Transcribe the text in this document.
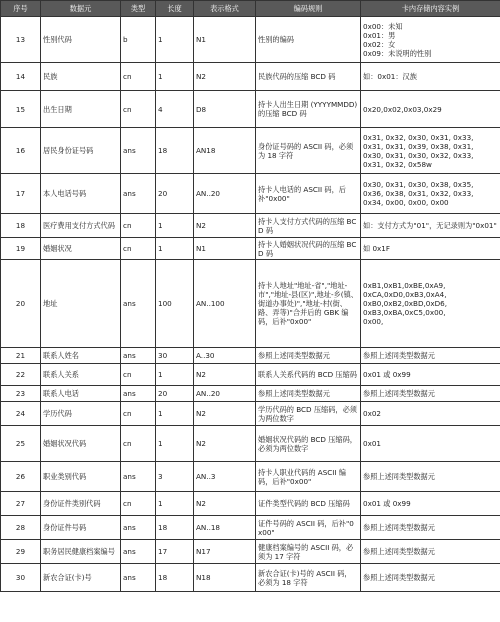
序号	数据元	类型	长度	表示格式	编码规则	卡内存储内容实例
13	性别代码	b	1	N1	性别的编码	0x00：未知
0x01：男
0x02：女
0x09：未说明的性别
14	民族	cn	1	N2	民族代码的压缩 BCD 码	如：0x01：汉族
15	出生日期	cn	4	D8	持卡人出生日期 (YYYYMMDD)的压缩 BCD 码	0x20,0x02,0x03,0x29
16	居民身份证号码	ans	18	AN18	身份证号码的 ASCII 码，必须为 18 字符	0x31, 0x32, 0x30, 0x31, 0x33,
0x31, 0x31, 0x39, 0x38, 0x31,
0x30, 0x31, 0x30, 0x32, 0x33,
0x31, 0x32, 0x58w
17	本人电话号码	ans	20	AN..20	持卡人电话的 ASCII 码，后补"0x00"	0x30, 0x31, 0x30, 0x38, 0x35,
0x36, 0x38, 0x31, 0x32, 0x33,
0x34, 0x00, 0x00, 0x00
18	医疗费用支付方式代码	cn	1	N2	持卡人支付方式代码的压缩 BCD 码	如：支付方式为"01"，无记录则为"0x01"
19	婚姻状况	cn	1	N1	持卡人婚姻状况代码的压缩 BCD 码	如 0x1F
20	地址	ans	100	AN..100	持卡人地址"地址-省","地址-市","地址-县(区)",地址-乡(镇、街道办事处)","地址-村(街、路、弄等)"合并后的 GBK 编码，后补"0x00"	0xB1,0xB1,0xBE,0xA9,
0xCA,0xD0,0xB3,0xA4,
0xB0,0xB2,0xBD,0xD6,
0xB3,0xBA,0xC5,0x00,
0x00,
21	联系人姓名	ans	30	A..30	参照上述同类型数据元	参照上述同类型数据元
22	联系人关系	cn	1	N2	联系人关系代码的 BCD 压缩码	0x01 或 0x99
23	联系人电话	ans	20	AN..20	参照上述同类型数据元	参照上述同类型数据元
24	学历代码	cn	1	N2	学历代码的 BCD 压缩码，必须为两位数字	0x02
25	婚姻状况代码	cn	1	N2	婚姻状况代码的 BCD 压缩码，必须为两位数字	0x01
26	职业类别代码	ans	3	AN..3	持卡人职业代码的 ASCII 编码，后补"0x00"	参照上述同类型数据元
27	身份证件类别代码	cn	1	N2	证件类型代码的 BCD 压缩码	0x01 或 0x99
28	身份证件号码	ans	18	AN..18	证件号码的 ASCII 码，后补"0x00"	参照上述同类型数据元
29	职务居民健康档案编号	ans	17	N17	健康档案编号的 ASCII 码，必须为 17 字符	参照上述同类型数据元
30	新农合证(卡)号	ans	18	N18	新农合证(卡)号的 ASCII 码，必须为 18 字符	参照上述同类型数据元
